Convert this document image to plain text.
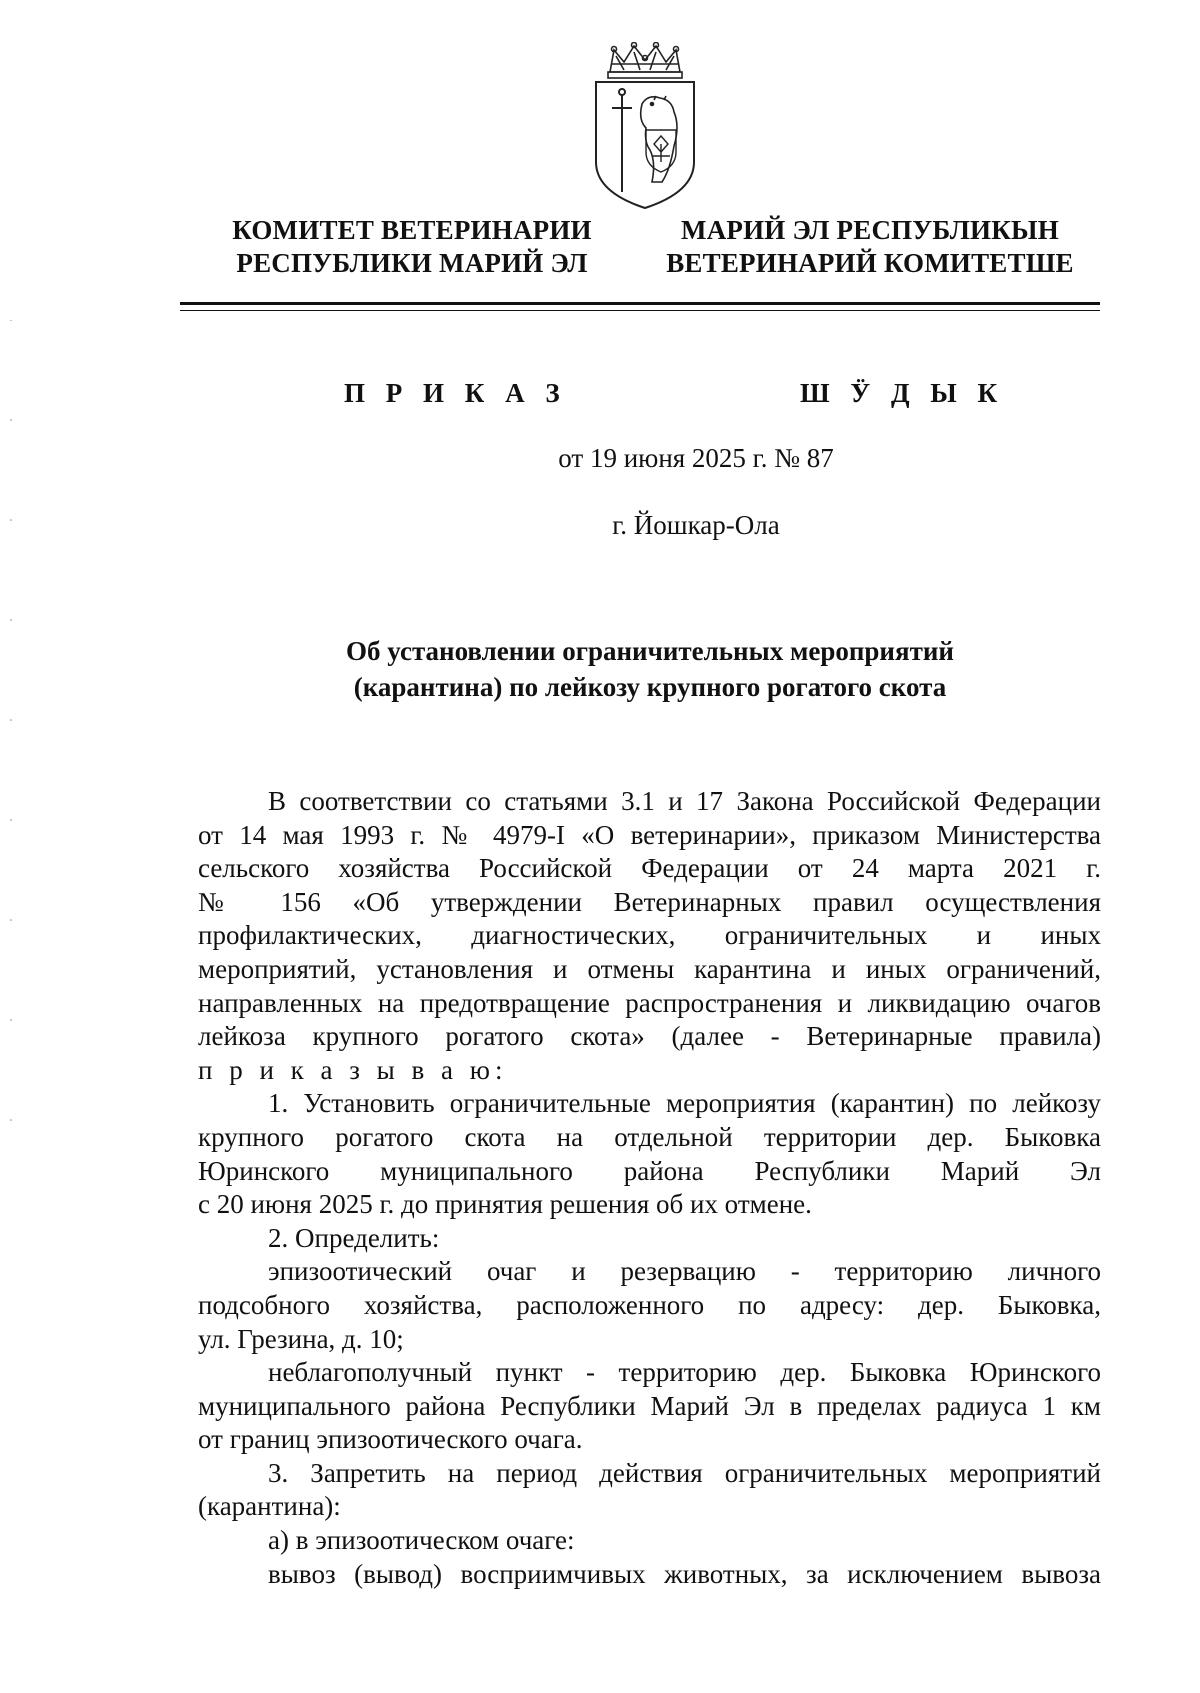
КОМИТЕТ ВЕТЕРИНАРИИ
РЕСПУБЛИКИ МАРИЙ ЭЛ
МАРИЙ ЭЛ РЕСПУБЛИКЫН
ВЕТЕРИНАРИЙ КОМИТЕТШЕ
П Р И К А З	Ш Ӱ Д Ы К
от 19 июня 2025 г. № 87
г. Йошкар-Ола
Об установлении ограничительных мероприятий
(карантина) по лейкозу крупного рогатого скота

В соответствии со статьями 3.1 и 17 Закона Российской Федерации

от 14 мая 1993 г. № 4979-I «О ветеринарии», приказом Министерства

сельского хозяйства Российской Федерации от 24 марта 2021 г.

№ 156 «Об утверждении Ветеринарных правил осуществления

профилактических, диагностических, ограничительных и иных

мероприятий, установления и отмены карантина и иных ограничений,

направленных на предотвращение распространения и ликвидацию очагов

лейкоза крупного рогатого скота» (далее - Ветеринарные правила)

п р и к а з ы в а ю:

1. Установить ограничительные мероприятия (карантин) по лейкозу

крупного рогатого скота на отдельной территории дер. Быковка

Юринского муниципального района Республики Марий Эл

с 20 июня 2025 г. до принятия решения об их отмене.

2. Определить:

эпизоотический очаг и резервацию - территорию личного

подсобного хозяйства, расположенного по адресу: дер. Быковка,

ул. Грезина, д. 10;

неблагополучный пункт - территорию дер. Быковка Юринского

муниципального района Республики Марий Эл в пределах радиуса 1 км

от границ эпизоотического очага.

3. Запретить на период действия ограничительных мероприятий

(карантина):

а) в эпизоотическом очаге:

вывоз (вывод) восприимчивых животных, за исключением вывоза
